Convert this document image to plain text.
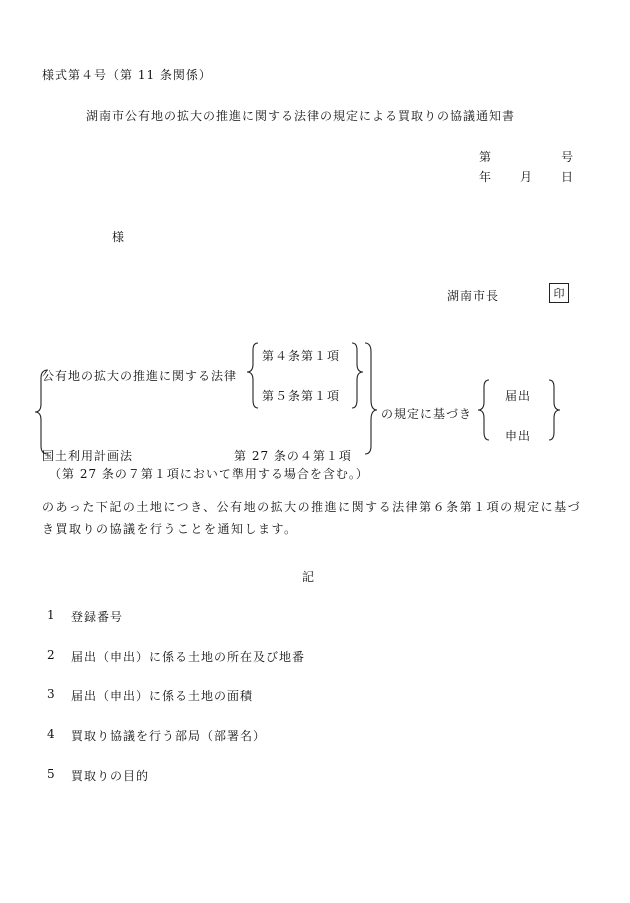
様式第４号（第 11 条関係）
湖南市公有地の拡大の推進に関する法律の規定による買取りの協議通知書
第	号
年 月 日
様
湖南市長	印
公有地の拡大の推進に関する法律
第４条第１項
第５条第１項
国土利用計画法	第 27 条の４第１項
（第 27 条の７第１項において準用する場合を含む。）
の規定に基づき
届出
申出
のあった下記の土地につき、公有地の拡大の推進に関する法律第６条第１項の規定に基づき買取りの協議を行うことを通知します。
記
1 登録番号
2 届出（申出）に係る土地の所在及び地番
3 届出（申出）に係る土地の面積
4 買取り協議を行う部局（部署名）
5 買取りの目的
